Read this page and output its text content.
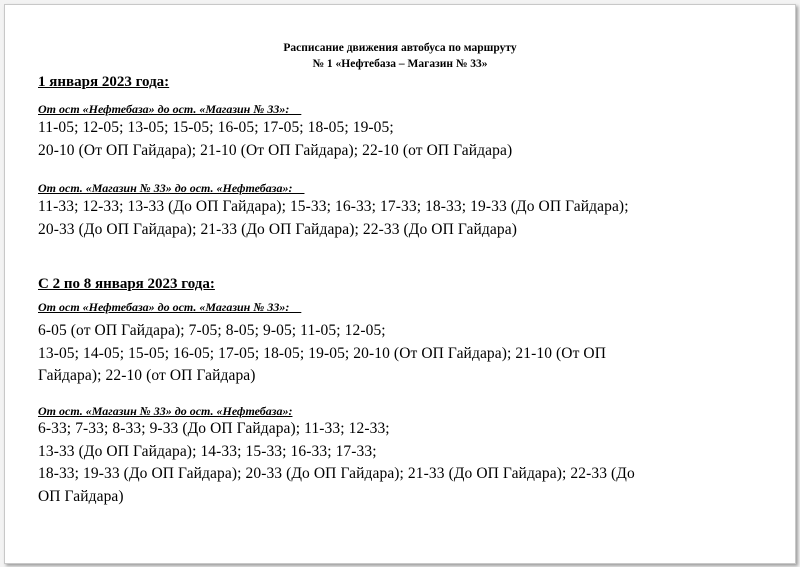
Расписание движения автобуса по маршруту
№ 1 «Нефтебаза – Магазин № 33»
1 января 2023 года:
От ост «Нефтебаза» до ост. «Магазин № 33»:
11-05; 12-05; 13-05; 15-05; 16-05; 17-05; 18-05; 19-05;
20-10 (От ОП Гайдара); 21-10 (От ОП Гайдара); 22-10 (от ОП Гайдара)
От ост. «Магазин № 33» до ост. «Нефтебаза»:
11-33; 12-33; 13-33 (До ОП Гайдара); 15-33; 16-33; 17-33; 18-33; 19-33 (До ОП Гайдара);
20-33 (До ОП Гайдара); 21-33 (До ОП Гайдара); 22-33 (До ОП Гайдара)
С 2 по 8 января 2023 года:
От ост «Нефтебаза» до ост. «Магазин № 33»:
6-05 (от ОП Гайдара); 7-05; 8-05; 9-05; 11-05; 12-05;
13-05; 14-05; 15-05; 16-05; 17-05; 18-05; 19-05; 20-10 (От ОП Гайдара); 21-10 (От ОП
Гайдара); 22-10 (от ОП Гайдара)
От ост. «Магазин № 33» до ост. «Нефтебаза»:
6-33; 7-33; 8-33; 9-33 (До ОП Гайдара); 11-33; 12-33;
13-33 (До ОП Гайдара); 14-33; 15-33; 16-33; 17-33;
18-33; 19-33 (До ОП Гайдара); 20-33 (До ОП Гайдара); 21-33 (До ОП Гайдара); 22-33 (До
ОП Гайдара)
